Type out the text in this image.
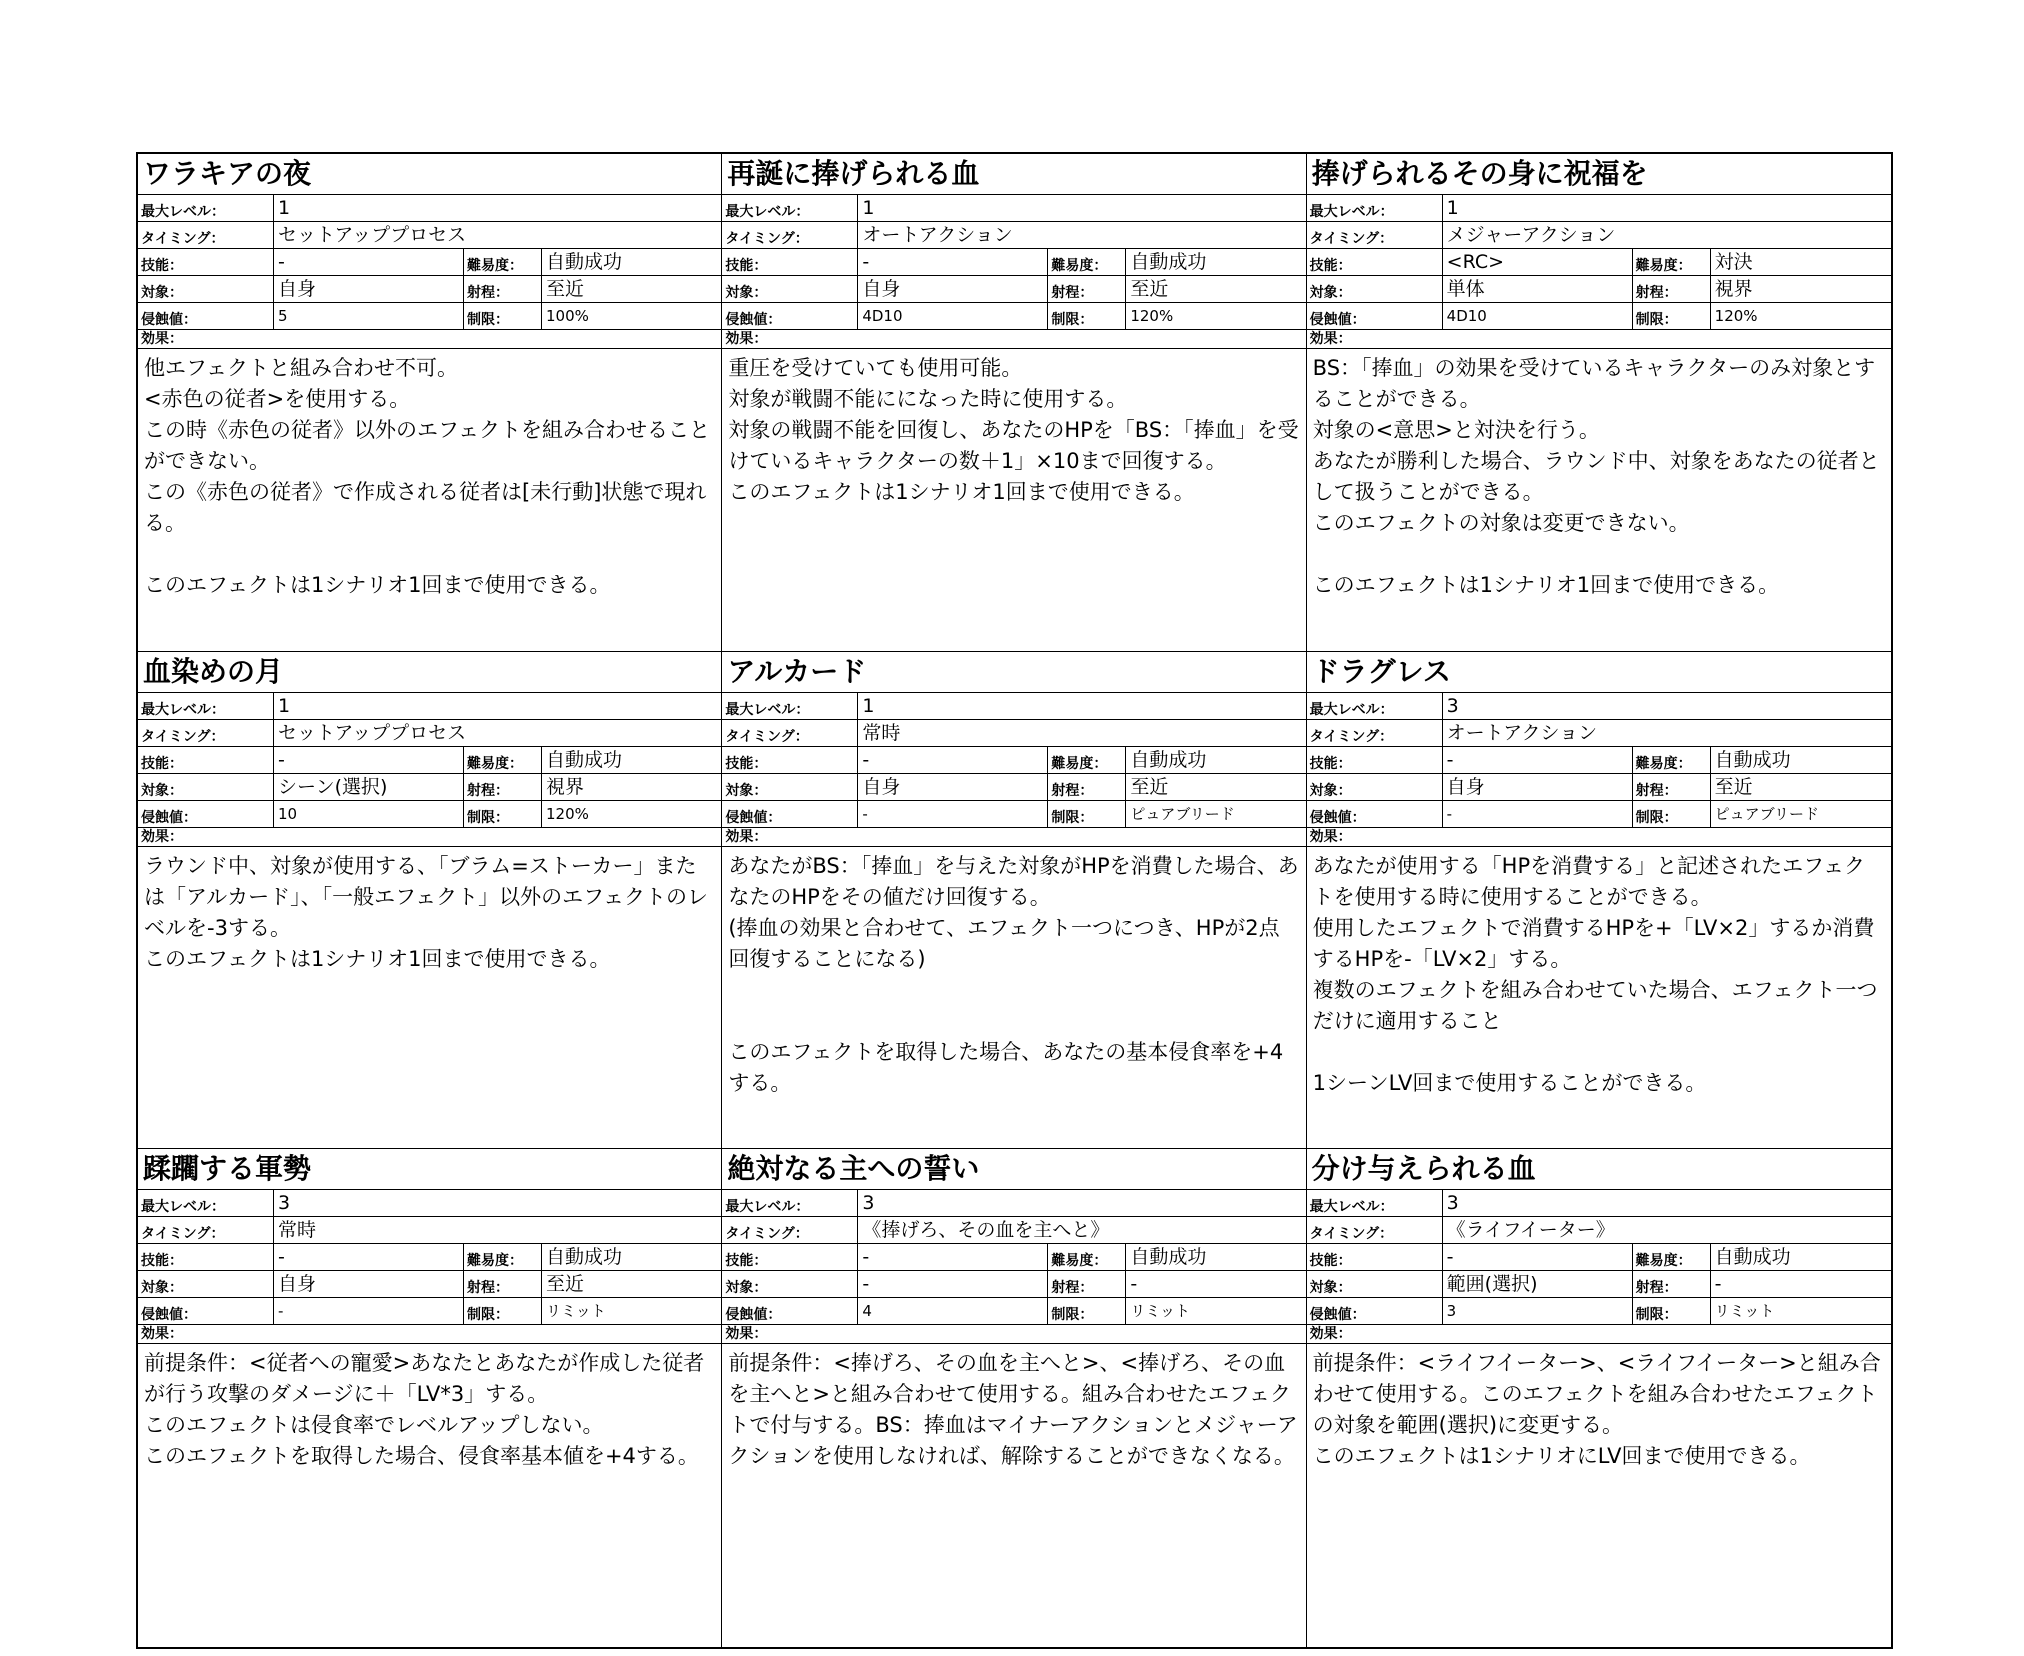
ワラキアの夜
最大レベル：	1
タイミング：	セットアッププロセス
技能：	-	難易度：	自動成功
対象：	自身	射程：	至近
侵蝕値：	5	制限：	100%
効果：

他エフェクトと組み合わせ不可。

<赤色の従者>を使用する。

この時《赤色の従者》以外のエフェクトを組み合わせることができない。

この《赤色の従者》で作成される従者は[未行動]状態で現れる。

このエフェクトは1シナリオ1回まで使用できる。

再誕に捧げられる血
最大レベル：	1
タイミング：	オートアクション
技能：	-	難易度：	自動成功
対象：	自身	射程：	至近
侵蝕値：	4D10	制限：	120%
効果：

重圧を受けていても使用可能。

対象が戦闘不能にになった時に使用する。

対象の戦闘不能を回復し、あなたのHPを「BS：「捧血」を受けているキャラクターの数＋1」×10まで回復する。

このエフェクトは1シナリオ1回まで使用できる。

捧げられるその身に祝福を
最大レベル：	1
タイミング：	メジャーアクション
技能：	<RC>	難易度：	対決
対象：	単体	射程：	視界
侵蝕値：	4D10	制限：	120%
効果：

BS：「捧血」の効果を受けているキャラクターのみ対象とすることができる。

対象の<意思>と対決を行う。

あなたが勝利した場合、ラウンド中、対象をあなたの従者として扱うことができる。

このエフェクトの対象は変更できない。

このエフェクトは1シナリオ1回まで使用できる。

血染めの月
最大レベル：	1
タイミング：	セットアッププロセス
技能：	-	難易度：	自動成功
対象：	シーン(選択)	射程：	視界
侵蝕値：	10	制限：	120%
効果：

ラウンド中、対象が使用する、「ブラム=ストーカー」または「アルカード」、「一般エフェクト」以外のエフェクトのレベルを-3する。

このエフェクトは1シナリオ1回まで使用できる。

アルカード
最大レベル：	1
タイミング：	常時
技能：	-	難易度：	自動成功
対象：	自身	射程：	至近
侵蝕値：	-	制限：	ピュアブリード
効果：

あなたがBS：「捧血」を与えた対象がHPを消費した場合、あなたのHPをその値だけ回復する。

(捧血の効果と合わせて、エフェクト一つにつき、HPが2点回復することになる)

このエフェクトを取得した場合、あなたの基本侵食率を+4する。

ドラグレス
最大レベル：	3
タイミング：	オートアクション
技能：	-	難易度：	自動成功
対象：	自身	射程：	至近
侵蝕値：	-	制限：	ピュアブリード
効果：

あなたが使用する「HPを消費する」と記述されたエフェクトを使用する時に使用することができる。

使用したエフェクトで消費するHPを+「LV×2」するか消費するHPを-「LV×2」する。

複数のエフェクトを組み合わせていた場合、エフェクト一つだけに適用すること

1シーンLV回まで使用することができる。

蹂躙する軍勢
最大レベル：	3
タイミング：	常時
技能：	-	難易度：	自動成功
対象：	自身	射程：	至近
侵蝕値：	-	制限：	リミット
効果：

前提条件：<従者への寵愛>あなたとあなたが作成した従者が行う攻撃のダメージに＋「LV*3」する。

このエフェクトは侵食率でレベルアップしない。

このエフェクトを取得した場合、侵食率基本値を+4する。

絶対なる主への誓い
最大レベル：	3
タイミング：	《捧げろ、その血を主へと》
技能：	-	難易度：	自動成功
対象：	-	射程：	-
侵蝕値：	4	制限：	リミット
効果：

前提条件：<捧げろ、その血を主へと>、<捧げろ、その血を主へと>と組み合わせて使用する。組み合わせたエフェクトで付与する。BS：捧血はマイナーアクションとメジャーアクションを使用しなければ、解除することができなくなる。

分け与えられる血
最大レベル：	3
タイミング：	《ライフイーター》
技能：	-	難易度：	自動成功
対象：	範囲(選択)	射程：	-
侵蝕値：	3	制限：	リミット
効果：

前提条件：<ライフイーター>、<ライフイーター>と組み合わせて使用する。このエフェクトを組み合わせたエフェクトの対象を範囲(選択)に変更する。

このエフェクトは1シナリオにLV回まで使用できる。
